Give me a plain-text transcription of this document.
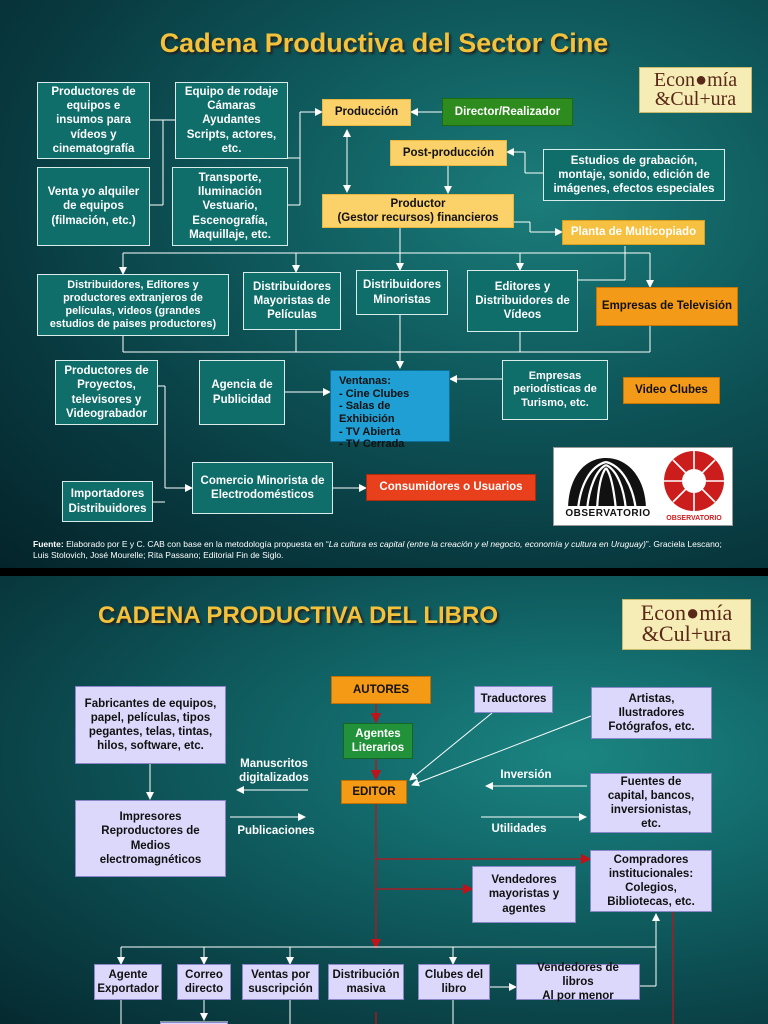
Cadena Productiva del Sector Cine
Econ●mía
&Cul+ura
Productores de
equipos e
insumos para
vídeos y
cinematografía
Venta yo alquiler
de equipos
(filmación, etc.)
Equipo de rodaje
Cámaras
Ayudantes
Scripts, actores,
etc.
Transporte,
Iluminación
Vestuario,
Escenografía,
Maquillaje, etc.
Producción	Director/Realizador
Post-producción
Estudios de grabación,
montaje, sonido, edición de
imágenes, efectos especiales
Productor
(Gestor recursos) financieros
Planta de Multicopiado
Distribuidores, Editores y
productores extranjeros de
películas, videos (grandes
estudios de paises productores)
Distribuidores
Mayoristas de
Películas
Distribuidores
Minoristas
Editores y
Distribuidores de
Vídeos
Empresas de Televisión
Productores de
Proyectos,
televisores y
Videograbador
Agencia de
Publicidad
Ventanas:
- Cine Clubes
- Salas de Exhibición
- TV Abierta
- TV Cerrada
Empresas
periodísticas de
Turismo, etc.
Video Clubes
Importadores
Distribuidores
Comercio Minorista de
Electrodomésticos
Consumidores o Usuarios
OBSERVATORIO OBSERVATORIO
Fuente: Elaborado por E y C. CAB con base en la metodología propuesta en “La cultura es capital (entre la creación y el negocio, economía y cultura en Uruguay)”. Graciela Lescano; Luis Stolovich, José Mourelle; Rita Passano; Editorial Fin de Siglo.
CADENA PRODUCTIVA DEL LIBRO	Econ●mía
&Cul+ura
Fabricantes de equipos,
papel, películas, tipos
pegantes, telas, tintas,
hilos, software, etc.
AUTORES
Agentes
Literarios
EDITOR
Traductores	Artistas,
Ilustradores
Fotógrafos, etc.
Impresores
Reproductores de
Medios
electromagnéticos
Fuentes de
capital, bancos,
inversionistas,
etc.
Compradores
institucionales:
Colegios,
Bibliotecas, etc.
Vendedores
mayoristas y
agentes
Manuscritos
digitalizados
Publicaciones
Inversión
Utilidades
Agente
Exportador
Correo
directo
Ventas por
suscripción
Distribución
masiva
Clubes del
libro
Vendedores de libros
Al por menor
